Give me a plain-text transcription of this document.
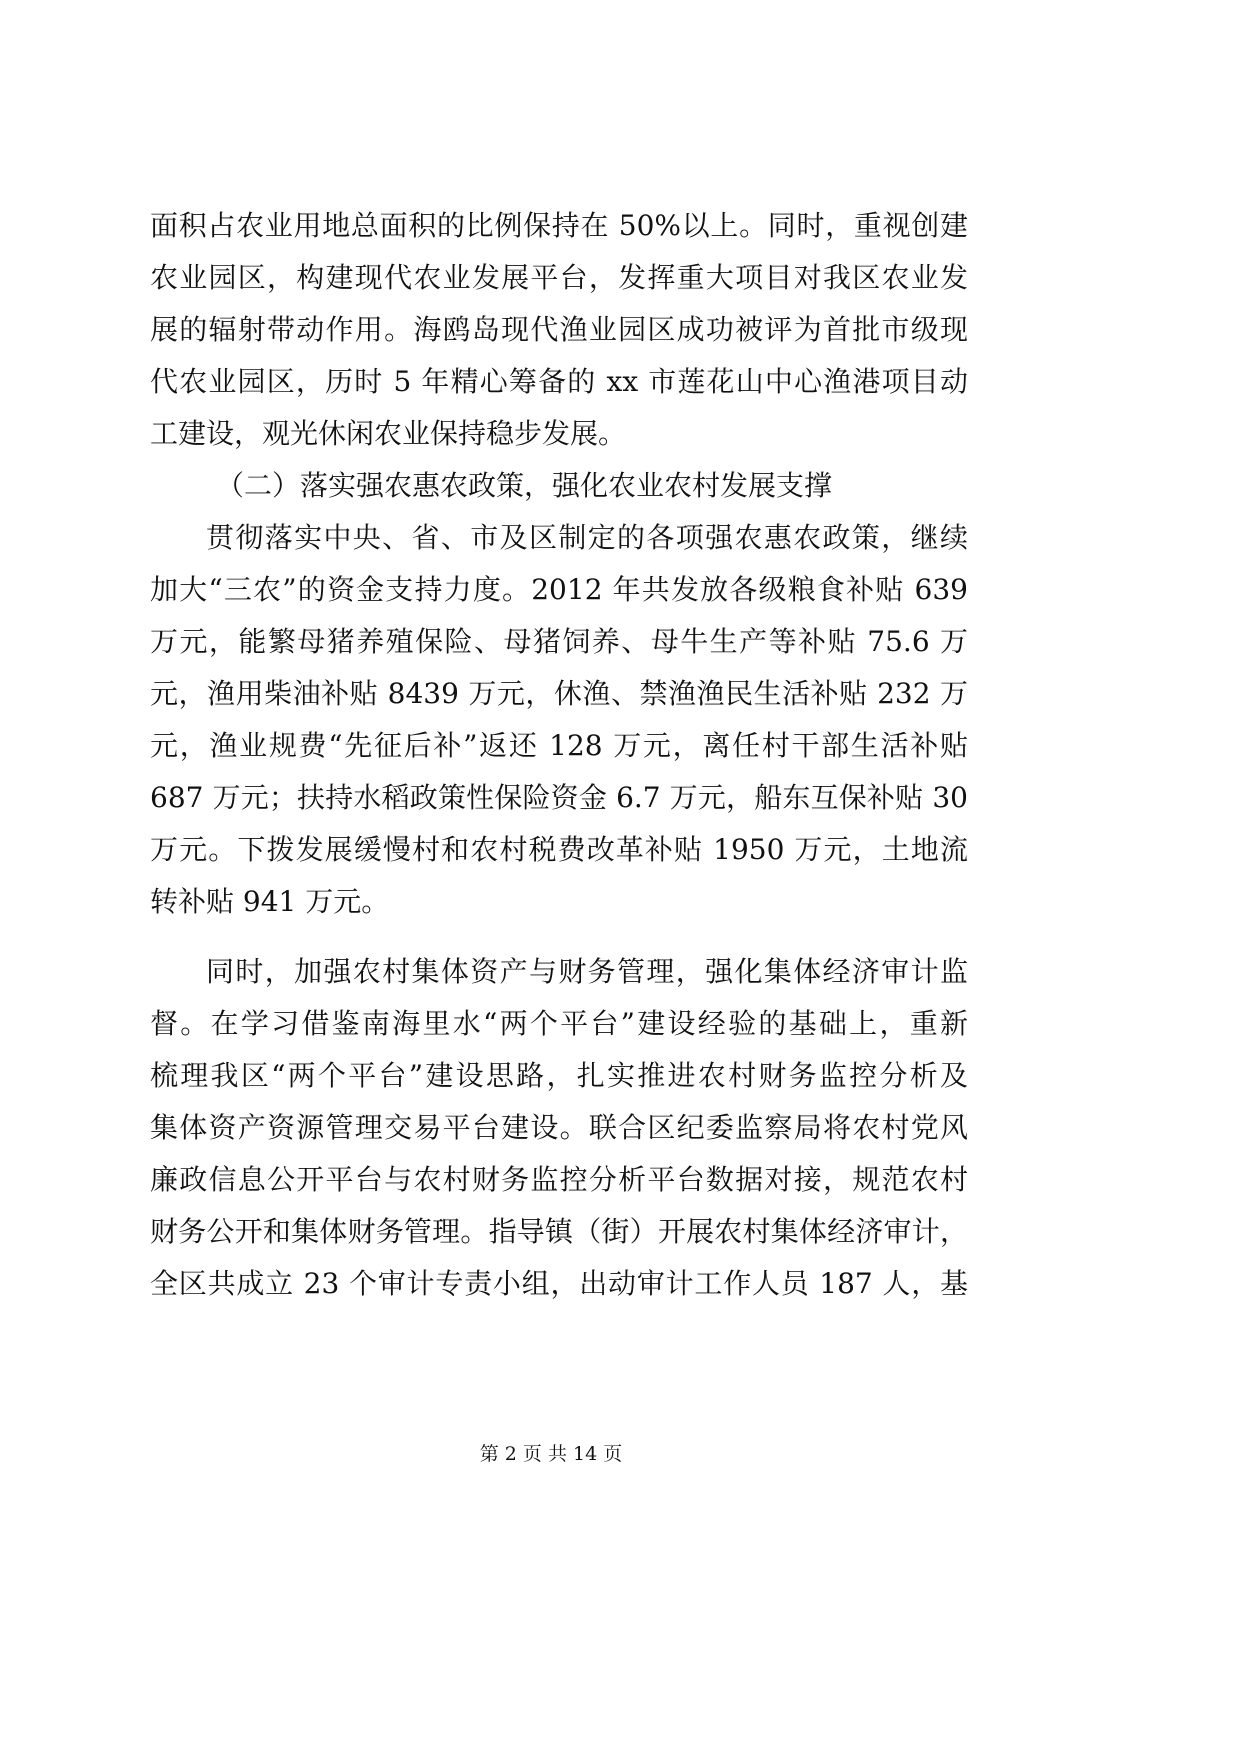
面积占农业用地总面积的比例保持在 50%以上。同时，重视创建
农业园区，构建现代农业发展平台，发挥重大项目对我区农业发
展的辐射带动作用。海鸥岛现代渔业园区成功被评为首批市级现
代农业园区，历时 5 年精心筹备的 xx 市莲花山中心渔港项目动
工建设，观光休闲农业保持稳步发展。
（二）落实强农惠农政策，强化农业农村发展支撑
贯彻落实中央、省、市及区制定的各项强农惠农政策，继续
加大“三农”的资金支持力度。2012 年共发放各级粮食补贴 639
万元，能繁母猪养殖保险、母猪饲养、母牛生产等补贴 75.6 万
元，渔用柴油补贴 8439 万元，休渔、禁渔渔民生活补贴 232 万
元，渔业规费“先征后补”返还 128 万元，离任村干部生活补贴
687 万元；扶持水稻政策性保险资金 6.7 万元，船东互保补贴 30
万元。下拨发展缓慢村和农村税费改革补贴 1950 万元，土地流
转补贴 941 万元。
同时，加强农村集体资产与财务管理，强化集体经济审计监
督。在学习借鉴南海里水“两个平台”建设经验的基础上，重新
梳理我区“两个平台”建设思路，扎实推进农村财务监控分析及
集体资产资源管理交易平台建设。联合区纪委监察局将农村党风
廉政信息公开平台与农村财务监控分析平台数据对接，规范农村
财务公开和集体财务管理。指导镇（街）开展农村集体经济审计，
全区共成立 23 个审计专责小组，出动审计工作人员 187 人，基
第 2 页 共 14 页
